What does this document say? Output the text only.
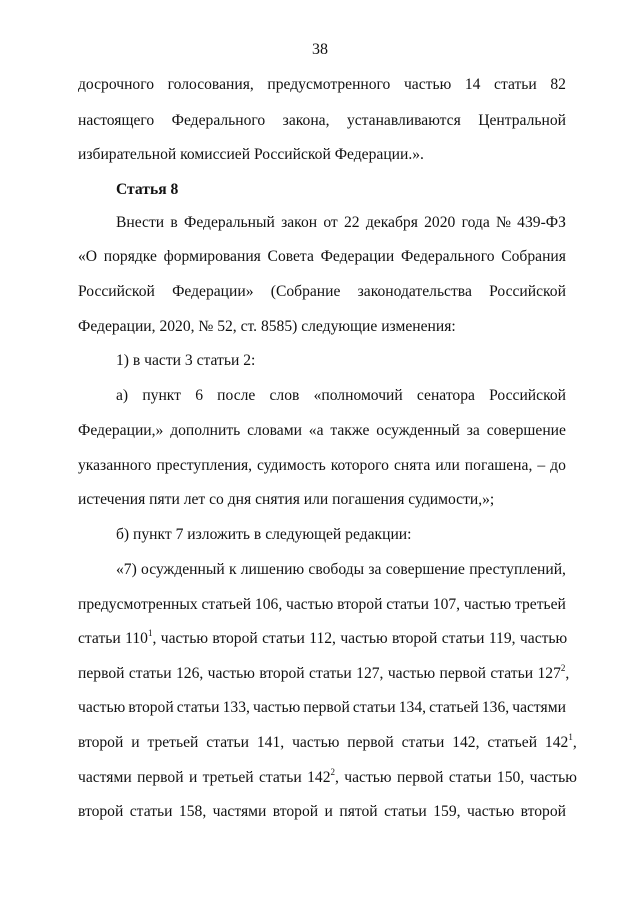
38
досрочного голосования, предусмотренного частью 14 статьи 82
настоящего Федерального закона, устанавливаются Центральной
избирательной комиссией Российской Федерации.».
Статья 8
Внести в Федеральный закон от 22 декабря 2020 года № 439-ФЗ
«О порядке формирования Совета Федерации Федерального Собрания
Российской Федерации» (Собрание законодательства Российской
Федерации, 2020, № 52, ст. 8585) следующие изменения:
1) в части 3 статьи 2:
а) пункт 6 после слов «полномочий сенатора Российской
Федерации,» дополнить словами «а также осужденный за совершение
указанного преступления, судимость которого снята или погашена, – до
истечения пяти лет со дня снятия или погашения судимости,»;
б) пункт 7 изложить в следующей редакции:
«7) осужденный к лишению свободы за совершение преступлений,
предусмотренных статьей 106, частью второй статьи 107, частью третьей
статьи $110^1$, частью второй статьи 112, частью второй статьи 119, частью
первой статьи 126, частью второй статьи 127, частью первой статьи $127^2$,
частью второй статьи 133, частью первой статьи 134, статьей 136, частями
второй и третьей статьи 141, частью первой статьи 142, статьей $142^1$,
частями первой и третьей статьи $142^2$, частью первой статьи 150, частью
второй статьи 158, частями второй и пятой статьи 159, частью второй
